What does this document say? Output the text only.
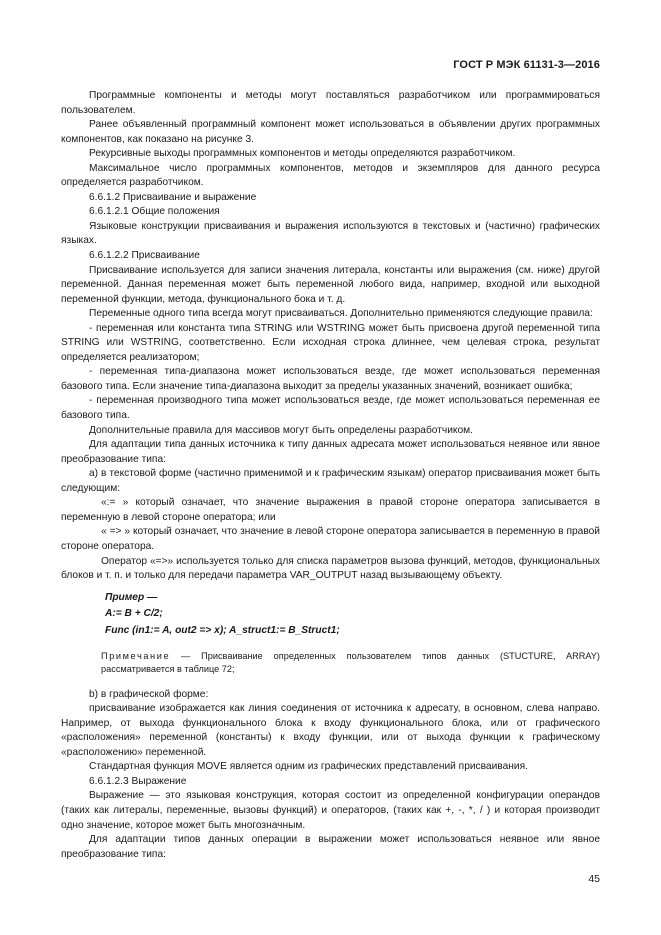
ГОСТ Р МЭК 61131-3—2016

Программные компоненты и методы могут поставляться разработчиком или программироваться пользователем.

Ранее объявленный программный компонент может использоваться в объявлении других программных компонентов, как показано на рисунке 3.

Рекурсивные выходы программных компонентов и методы определяются разработчиком.

Максимальное число программных компонентов, методов и экземпляров для данного ресурса определяется разработчиком.

6.6.1.2 Присваивание и выражение

6.6.1.2.1 Общие положения

Языковые конструкции присваивания и выражения используются в текстовых и (частично) графических языках.

6.6.1.2.2 Присваивание

Присваивание используется для записи значения литерала, константы или выражения (см. ниже) другой переменной. Данная переменная может быть переменной любого вида, например, входной или выходной переменной функции, метода, функционального бока и т. д.

Переменные одного типа всегда могут присваиваться. Дополнительно применяются следующие правила:

- переменная или константа типа STRING или WSTRING может быть присвоена другой переменной типа STRING или WSTRING, соответственно. Если исходная строка длиннее, чем целевая строка, результат определяется реализатором;

- переменная типа-диапазона может использоваться везде, где может использоваться переменная базового типа. Если значение типа-диапазона выходит за пределы указанных значений, возникает ошибка;

- переменная производного типа может использоваться везде, где может использоваться переменная ее базового типа.

Дополнительные правила для массивов могут быть определены разработчиком.

Для адаптации типа данных источника к типу данных адресата может использоваться неявное или явное преобразование типа:

а) в текстовой форме (частично применимой и к графическим языкам) оператор присваивания может быть следующим:

«:= » который означает, что значение выражения в правой стороне оператора записывается в переменную в левой стороне оператора; или

« => » который означает, что значение в левой стороне оператора записывается в переменную в правой стороне оператора.

Оператор «=>» используется только для списка параметров вызова функций, методов, функциональных блоков и т. п. и только для передачи параметра VAR_OUTPUT назад вызывающему объекту.

Пример —
A:= B + C/2;
Func (in1:= A, out2 => x); A_struct1:= B_Struct1;
Примечание — Присваивание определенных пользователем типов данных (STUCTURE, ARRAY) рассматривается в таблице 72;

b) в графической форме:

присваивание изображается как линия соединения от источника к адресату, в основном, слева направо. Например, от выхода функционального блока к входу функционального блока, или от графического «расположения» переменной (константы) к входу функции, или от выхода функции к графическому «расположению» переменной.

Стандартная функция MOVE является одним из графических представлений присваивания.

6.6.1.2.3 Выражение

Выражение — это языковая конструкция, которая состоит из определенной конфигурации операндов (таких как литералы, переменные, вызовы функций) и операторов, (таких как +, -, *, / ) и которая производит одно значение, которое может быть многозначным.

Для адаптации типов данных операции в выражении может использоваться неявное или явное преобразование типа:

45
